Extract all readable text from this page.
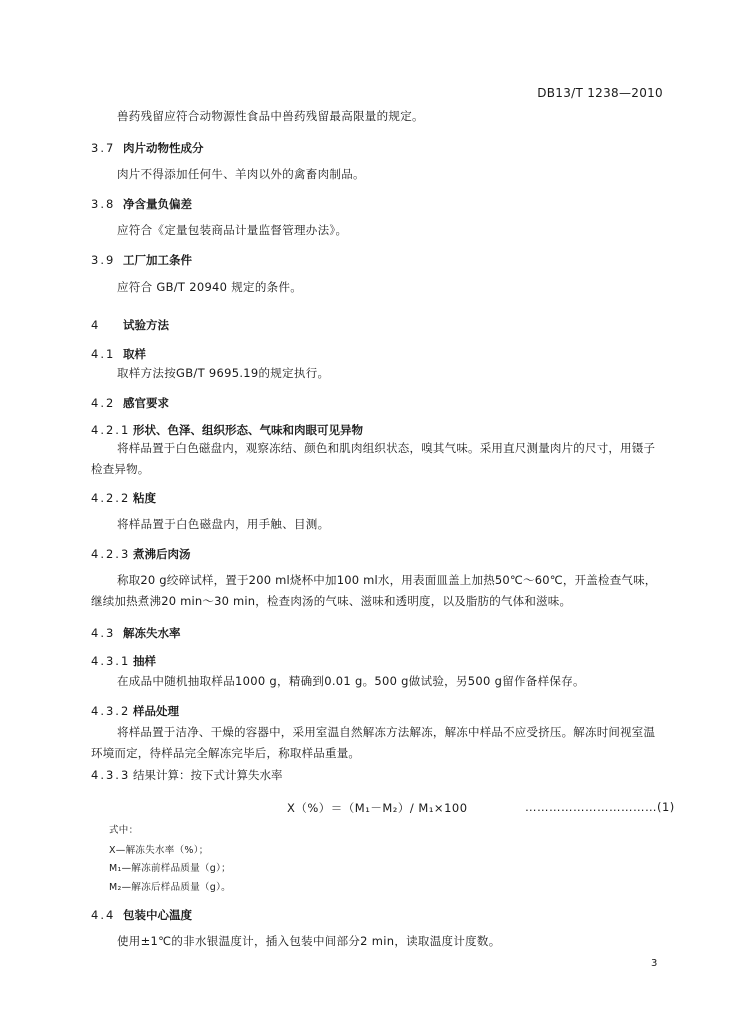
DB13/T 1238—2010
兽药残留应符合动物源性食品中兽药残留最高限量的规定。
3.7 肉片动物性成分
肉片不得添加任何牛、羊肉以外的禽畜肉制品。
3.8 净含量负偏差
应符合《定量包装商品计量监督管理办法》。
3.9 工厂加工条件
应符合 GB/T 20940 规定的条件。
4 试验方法
4.1 取样
取样方法按GB/T 9695.19的规定执行。
4.2 感官要求
4.2.1 形状、色泽、组织形态、气味和肉眼可见异物
将样品置于白色磁盘内，观察冻结、颜色和肌肉组织状态，嗅其气味。采用直尺测量肉片的尺寸，用镊子检查异物。
4.2.2 粘度
将样品置于白色磁盘内，用手触、目测。
4.2.3 煮沸后肉汤
称取20 g绞碎试样，置于200 ml烧杯中加100 ml水，用表面皿盖上加热50℃～60℃，开盖检查气味，继续加热煮沸20 min～30 min，检查肉汤的气味、滋味和透明度，以及脂肪的气体和滋味。
4.3 解冻失水率
4.3.1 抽样
在成品中随机抽取样品1000 g，精确到0.01 g。500 g做试验，另500 g留作备样保存。
4.3.2 样品处理
将样品置于洁净、干燥的容器中，采用室温自然解冻方法解冻，解冻中样品不应受挤压。解冻时间视室温环境而定，待样品完全解冻完毕后，称取样品重量。
4.3.3 结果计算：按下式计算失水率
X（%）＝（M₁－M₂）/ M₁×100	……………………………(1)
式中：
X—解冻失水率（%）；
M₁—解冻前样品质量（g）；
M₂—解冻后样品质量（g）。
4.4 包装中心温度
使用±1℃的非水银温度计，插入包装中间部分2 min，读取温度计度数。
3
